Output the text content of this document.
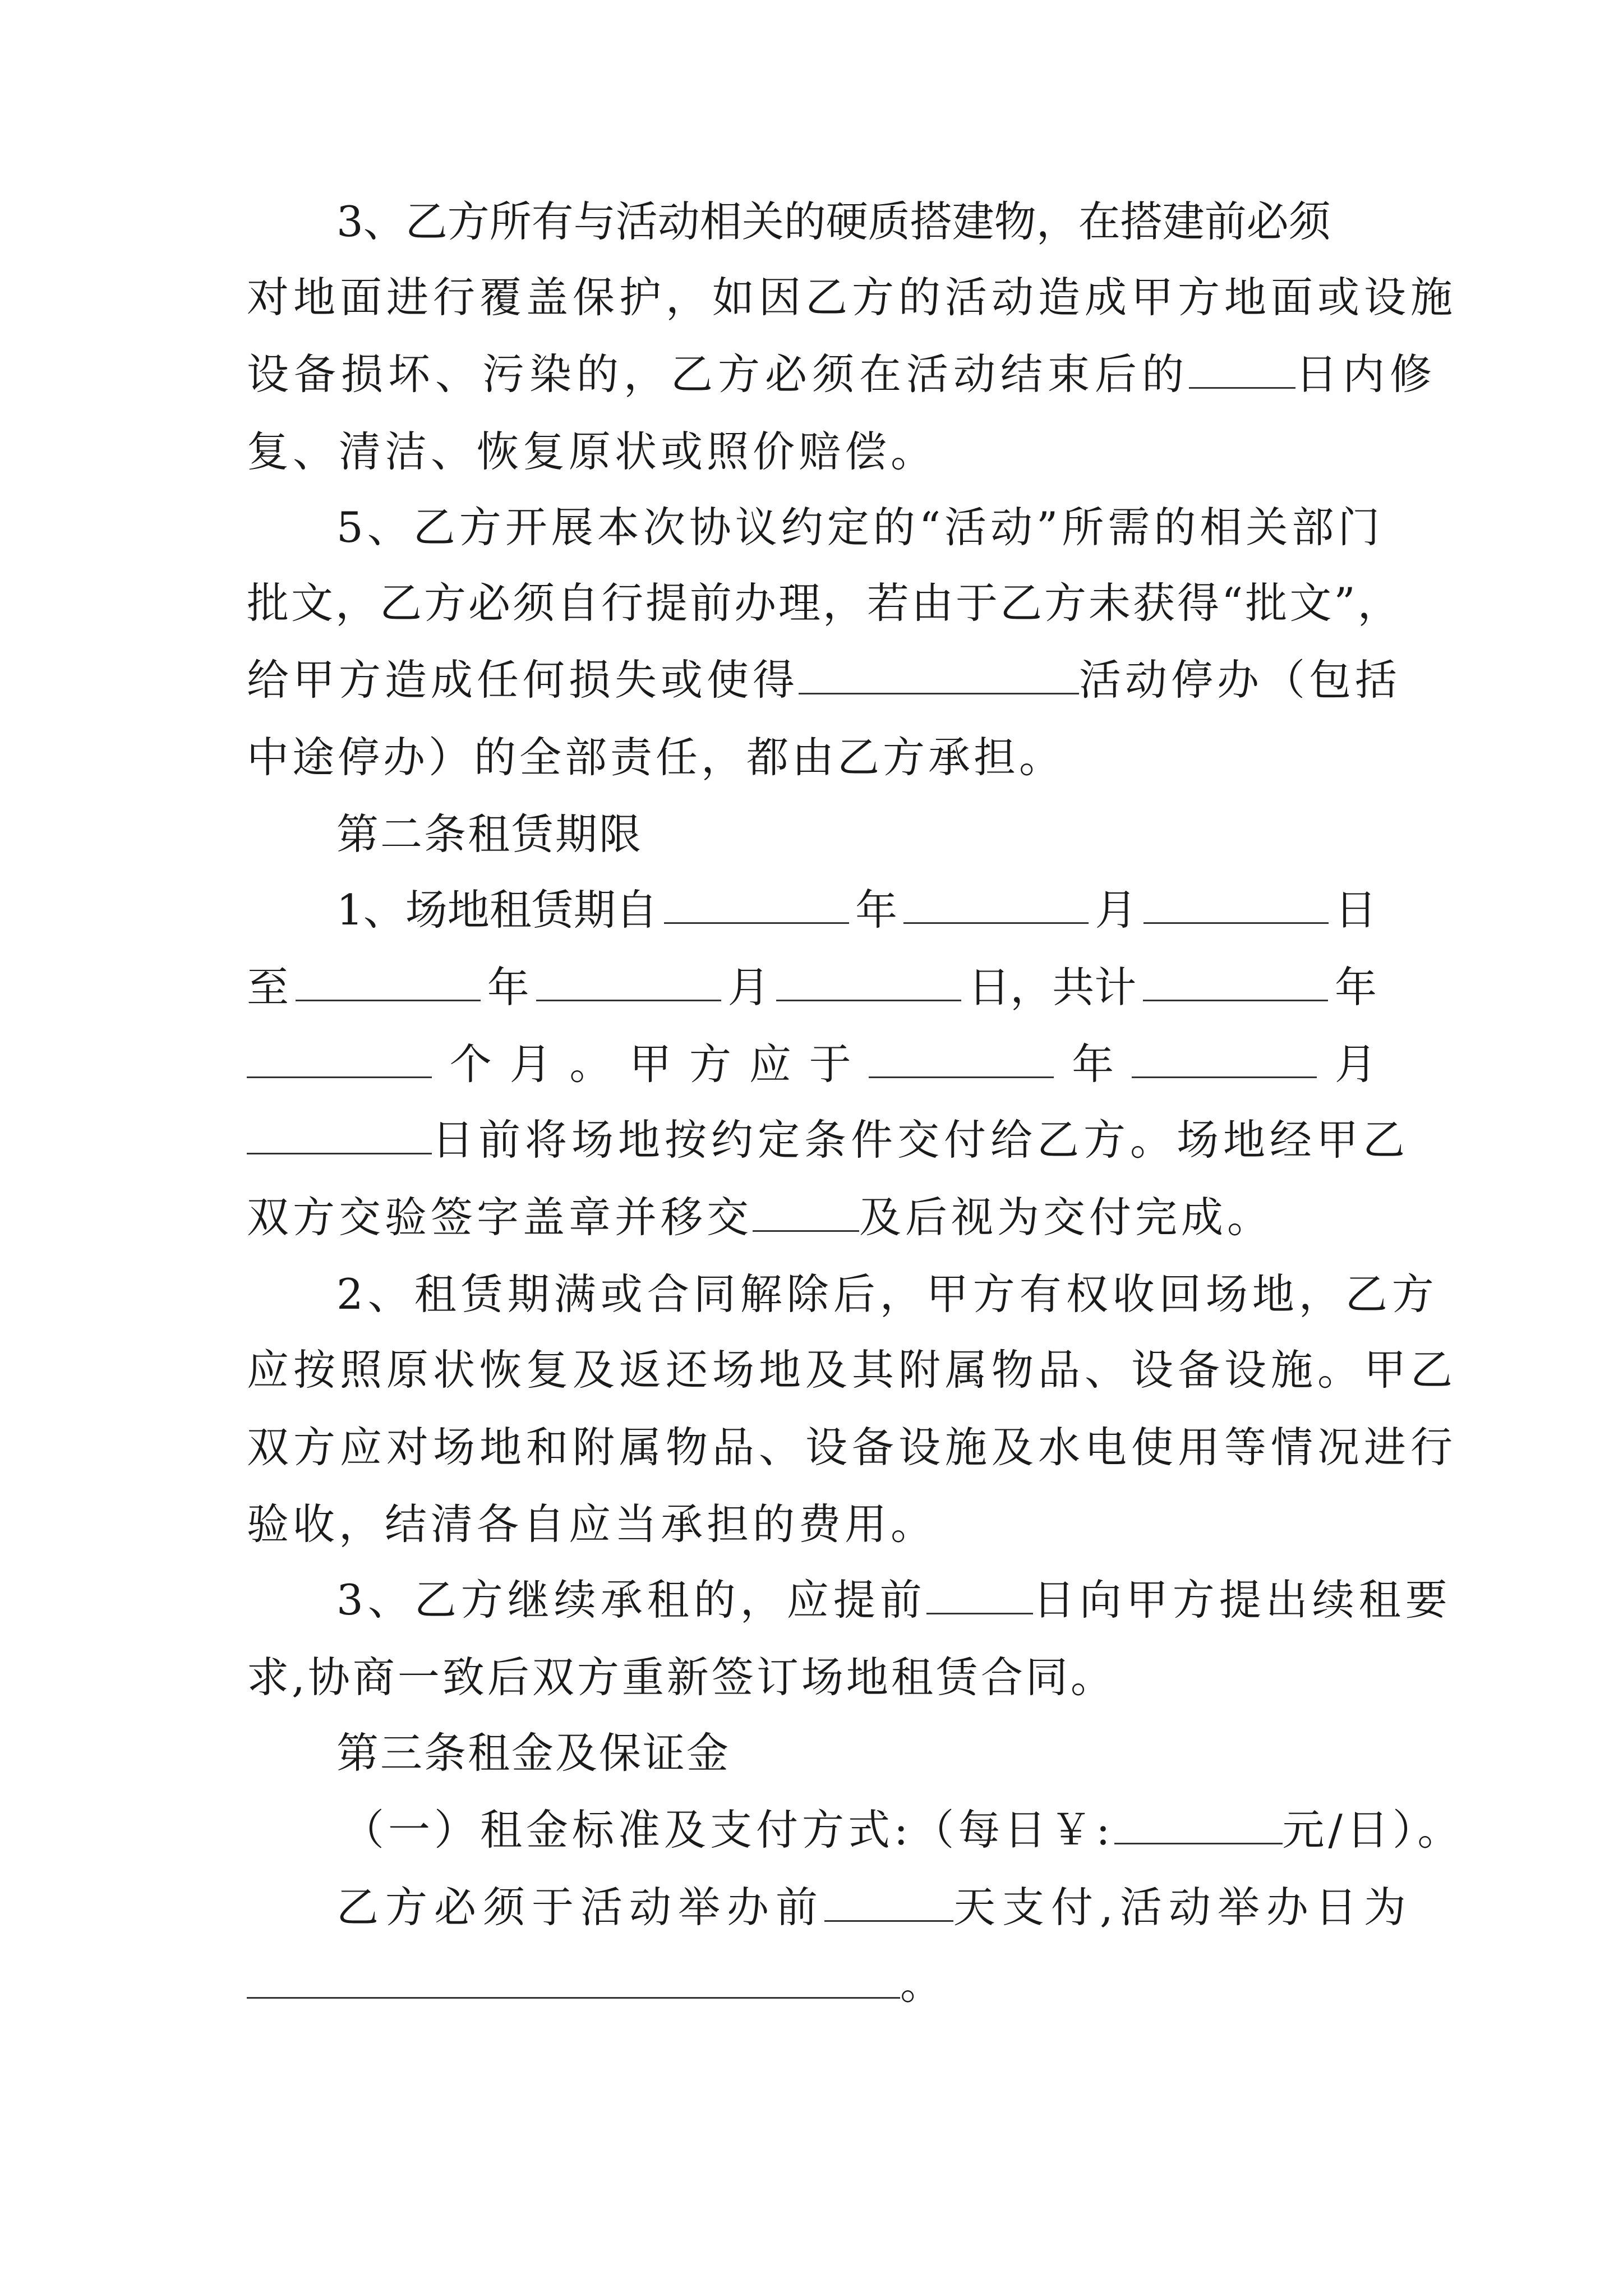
3、乙方所有与活动相关的硬质搭建物，在搭建前必须
对地面进行覆盖保护，如因乙方的活动造成甲方地面或设施
设备损坏、污染的，乙方必须在活动结束后的	日内修
复、清洁、恢复原状或照价赔偿。
5、乙方开展本次协议约定的“活动”所需的相关部门
批文，乙方必须自行提前办理，若由于乙方未获得“批文”，
给甲方造成任何损失或使得	活动停办（包括
中途停办）的全部责任，都由乙方承担。
第二条租赁期限
1、场地租赁期自	年	月	日
至	年	月	日，共计	年
个 月 。 甲 方 应 于	年	月
日前将场地按约定条件交付给乙方。场地经甲乙
双方交验签字盖章并移交	及后视为交付完成。
2、租赁期满或合同解除后，甲方有权收回场地，乙方
应按照原状恢复及返还场地及其附属物品、设备设施。甲乙
双方应对场地和附属物品、设备设施及水电使用等情况进行
验收，结清各自应当承担的费用。
3、乙方继续承租的，应提前	日向甲方提出续租要
求,协商一致后双方重新签订场地租赁合同。
第三条租金及保证金
（一）租金标准及支付方式:（每日￥:	元/日）。
乙方必须于活动举办前	天支付,活动举办日为
。
